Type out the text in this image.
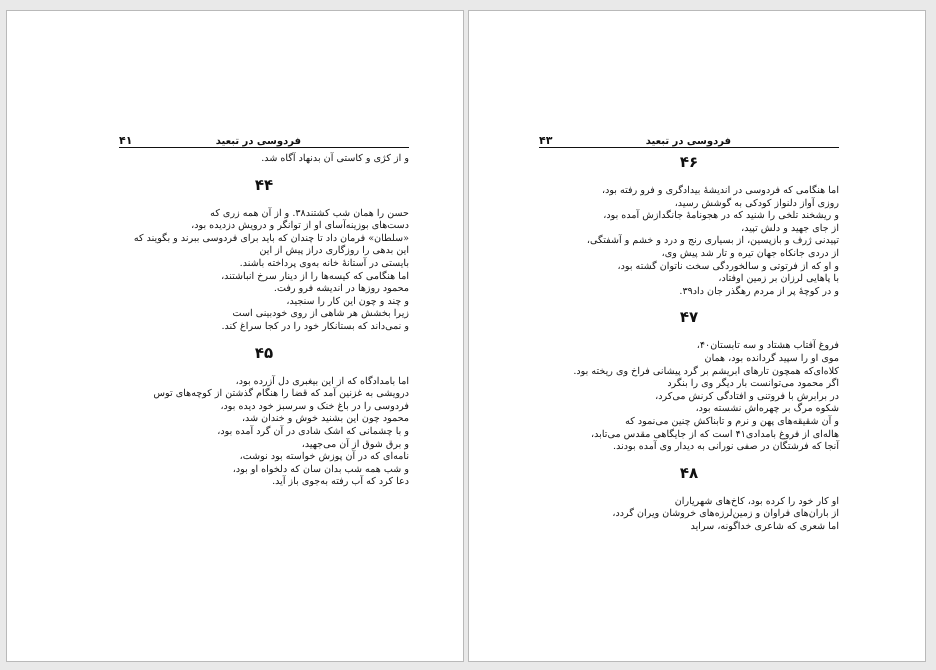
فردوسی در تبعید
۴۱
و از کژی و کاستی آن بدنهاد آگاه شد.
۴۴
حسن را همان شب کشتند۳۸. و از آن همه زری که
دست‌های بوزینه‌آسای او از توانگر و درویش دزدیده بود،
«سلطان» فرمان داد تا چندان که باید برای فردوسی ببرند و بگویند که
این بدهی را روزگاری دراز پیش از این
بایستی در آستانهٔ خانه به‌وی پرداخته باشند.
اما هنگامی که کیسه‌ها را از دینار سرخ انباشتند،
محمود روزها در اندیشه فرو رفت.
و چند و چون این کار را سنجید،
زیرا بخشش هر شاهی از روی خودبینی است
و نمی‌داند که بستانکار خود را در کجا سراغ کند.
۴۵
اما بامدادگاه که از این بیغبری دل آزرده بود،
درویشی به غزنین آمد که قضا را هنگام گذشتن از کوچه‌های توس
فردوسی را در باغ خنک و سرسبز خود دیده بود،
محمود چون این بشنید خوش و خندان شد،
و با چشمانی که اشک شادی در آن گرد آمده بود،
و برق شوق از آن می‌جهید،
نامه‌ای که در آن پوزش خواسته بود نوشت،
و شب همه شب بدان سان که دلخواه او بود،
دعا کرد که آب رفته به‌جوی باز آید.
فردوسی در تبعید
۴۳
۴۶
اما هنگامی که فردوسی در اندیشهٔ بیدادگری و فرو رفته بود،
روزی آواز دلنواز کودکی به گوشش رسید،
و ریشخند تلخی را شنید که در هجونامهٔ جانگدازش آمده بود،
از جای جهید و دلش تپید،
تپیدنی ژرف و بازپسین، از بسیاری رنج و درد و خشم و آشفتگی،
از دردی جانکاه جهان تیره و تار شد پیش وی،
و او که از فرتوتی و سالخوردگی سخت ناتوان گشته بود،
با پاهایی لرزان بر زمین اوفتاد،
و در کوچهٔ پر از مردم رهگذر جان داد۳۹.
۴۷
فروغ آفتاب هشتاد و سه تابستان۴۰،
موی او را سپید گردانده بود، همان
کلاه‌ای‌که همچون تارهای ابریشم بر گرد پیشانی فراخ وی ریخته بود.
اگر محمود می‌توانست بار دیگر وی را بنگرد
در برابرش با فروتنی و افتادگی کرنش می‌کرد،
شکوه مرگ بر چهره‌اش نشسته بود،
و آن شقیقه‌های پهن و نرم و تابناکش چنین می‌نمود که
هاله‌ای از فروغ بامدادی۴۱ است که از جایگاهی مقدس می‌تابد،
آنجا که فرشتگان در صفی نورانی به دیدار وی آمده بودند.
۴۸
او کار خود را کرده بود، کاخ‌های شهریاران
از باران‌های فراوان و زمین‌لرزه‌های خروشان ویران گردد،
اما شعری که شاعری خداگونه، سراید
